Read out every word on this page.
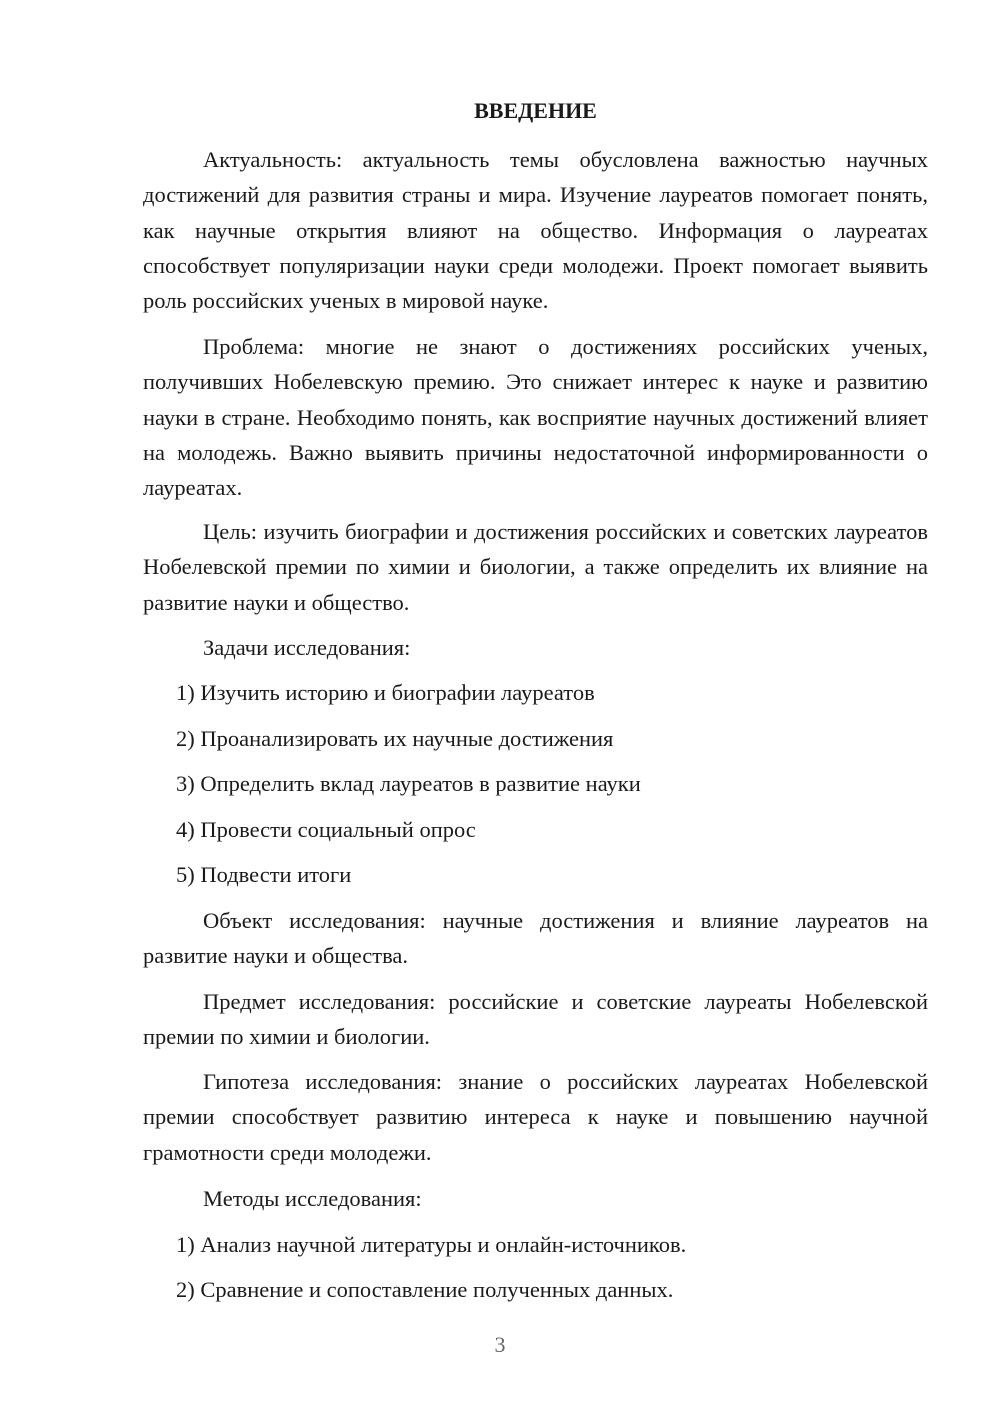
ВВЕДЕНИЕ

Актуальность: актуальность темы обусловлена важностью научных достижений для развития страны и мира. Изучение лауреатов помогает понять, как научные открытия влияют на общество. Информация о лауреатах способствует популяризации науки среди молодежи. Проект помогает выявить роль российских ученых в мировой науке.

Проблема: многие не знают о достижениях российских ученых, получивших Нобелевскую премию. Это снижает интерес к науке и развитию науки в стране. Необходимо понять, как восприятие научных достижений влияет на молодежь. Важно выявить причины недостаточной информированности о лауреатах.

Цель: изучить биографии и достижения российских и советских лауреатов Нобелевской премии по химии и биологии, а также определить их влияние на развитие науки и общество.

Задачи исследования:

1) Изучить историю и биографии лауреатов

2) Проанализировать их научные достижения

3) Определить вклад лауреатов в развитие науки

4) Провести социальный опрос

5) Подвести итоги

Объект исследования: научные достижения и влияние лауреатов на развитие науки и общества.

Предмет исследования: российские и советские лауреаты Нобелевской премии по химии и биологии.

Гипотеза исследования: знание о российских лауреатах Нобелевской премии способствует развитию интереса к науке и повышению научной грамотности среди молодежи.

Методы исследования:

1) Анализ научной литературы и онлайн-источников.

2) Сравнение и сопоставление полученных данных.

3
